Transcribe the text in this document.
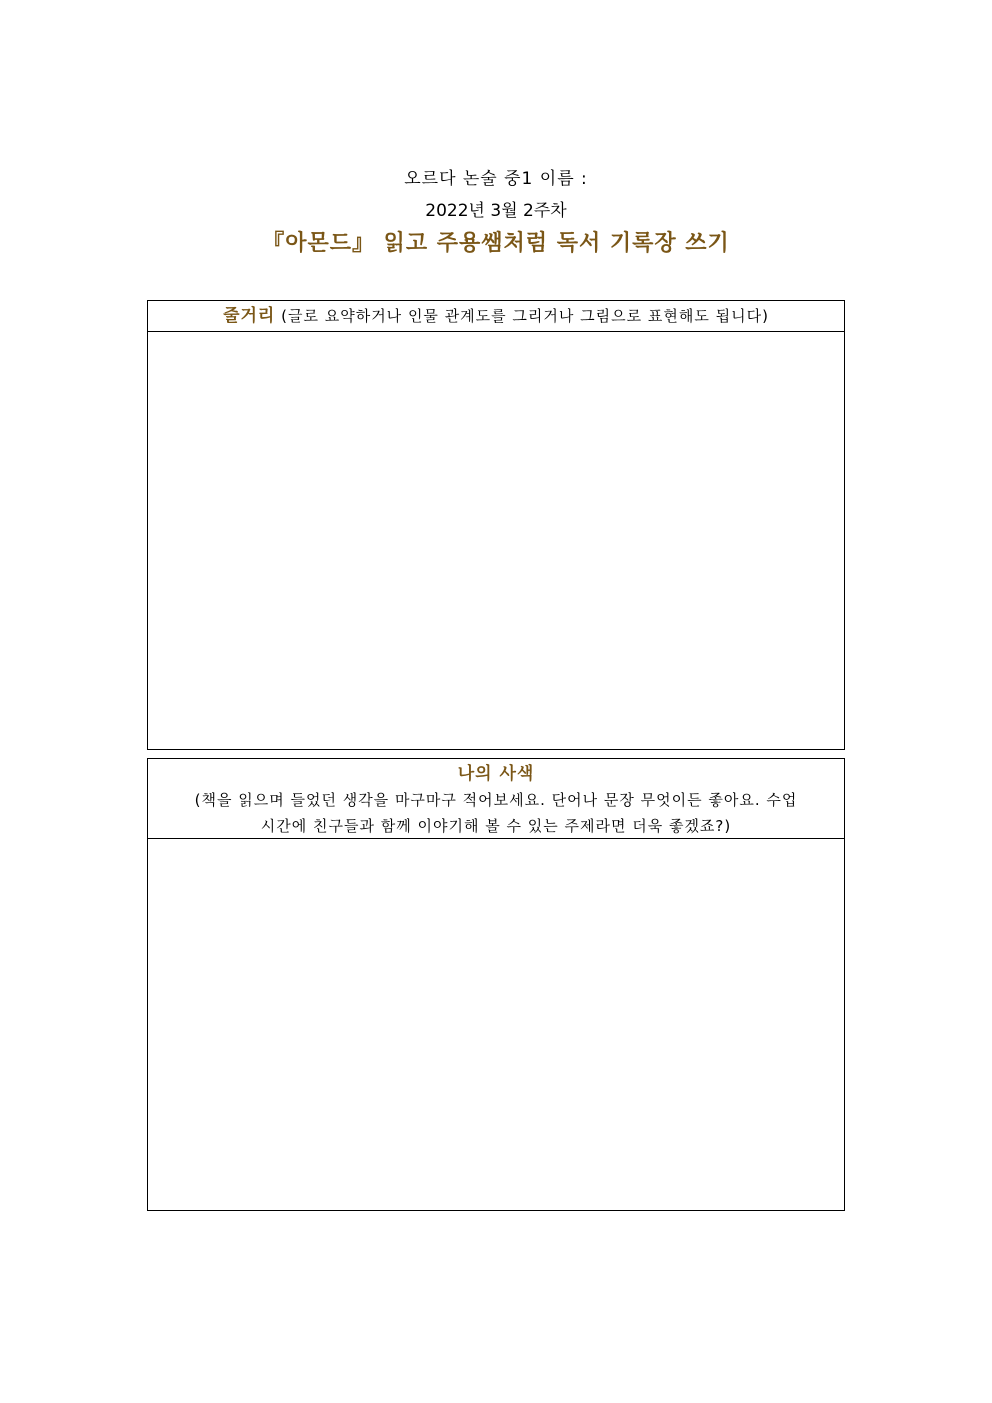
오르다 논술 중1 이름 :
2022년 3월 2주차
『아몬드』 읽고 주용쌤처럼 독서 기록장 쓰기
줄거리 (글로 요약하거나 인물 관계도를 그리거나 그림으로 표현해도 됩니다)
나의 사색
(책을 읽으며 들었던 생각을 마구마구 적어보세요. 단어나 문장 무엇이든 좋아요. 수업
시간에 친구들과 함께 이야기해 볼 수 있는 주제라면 더욱 좋겠죠?)
